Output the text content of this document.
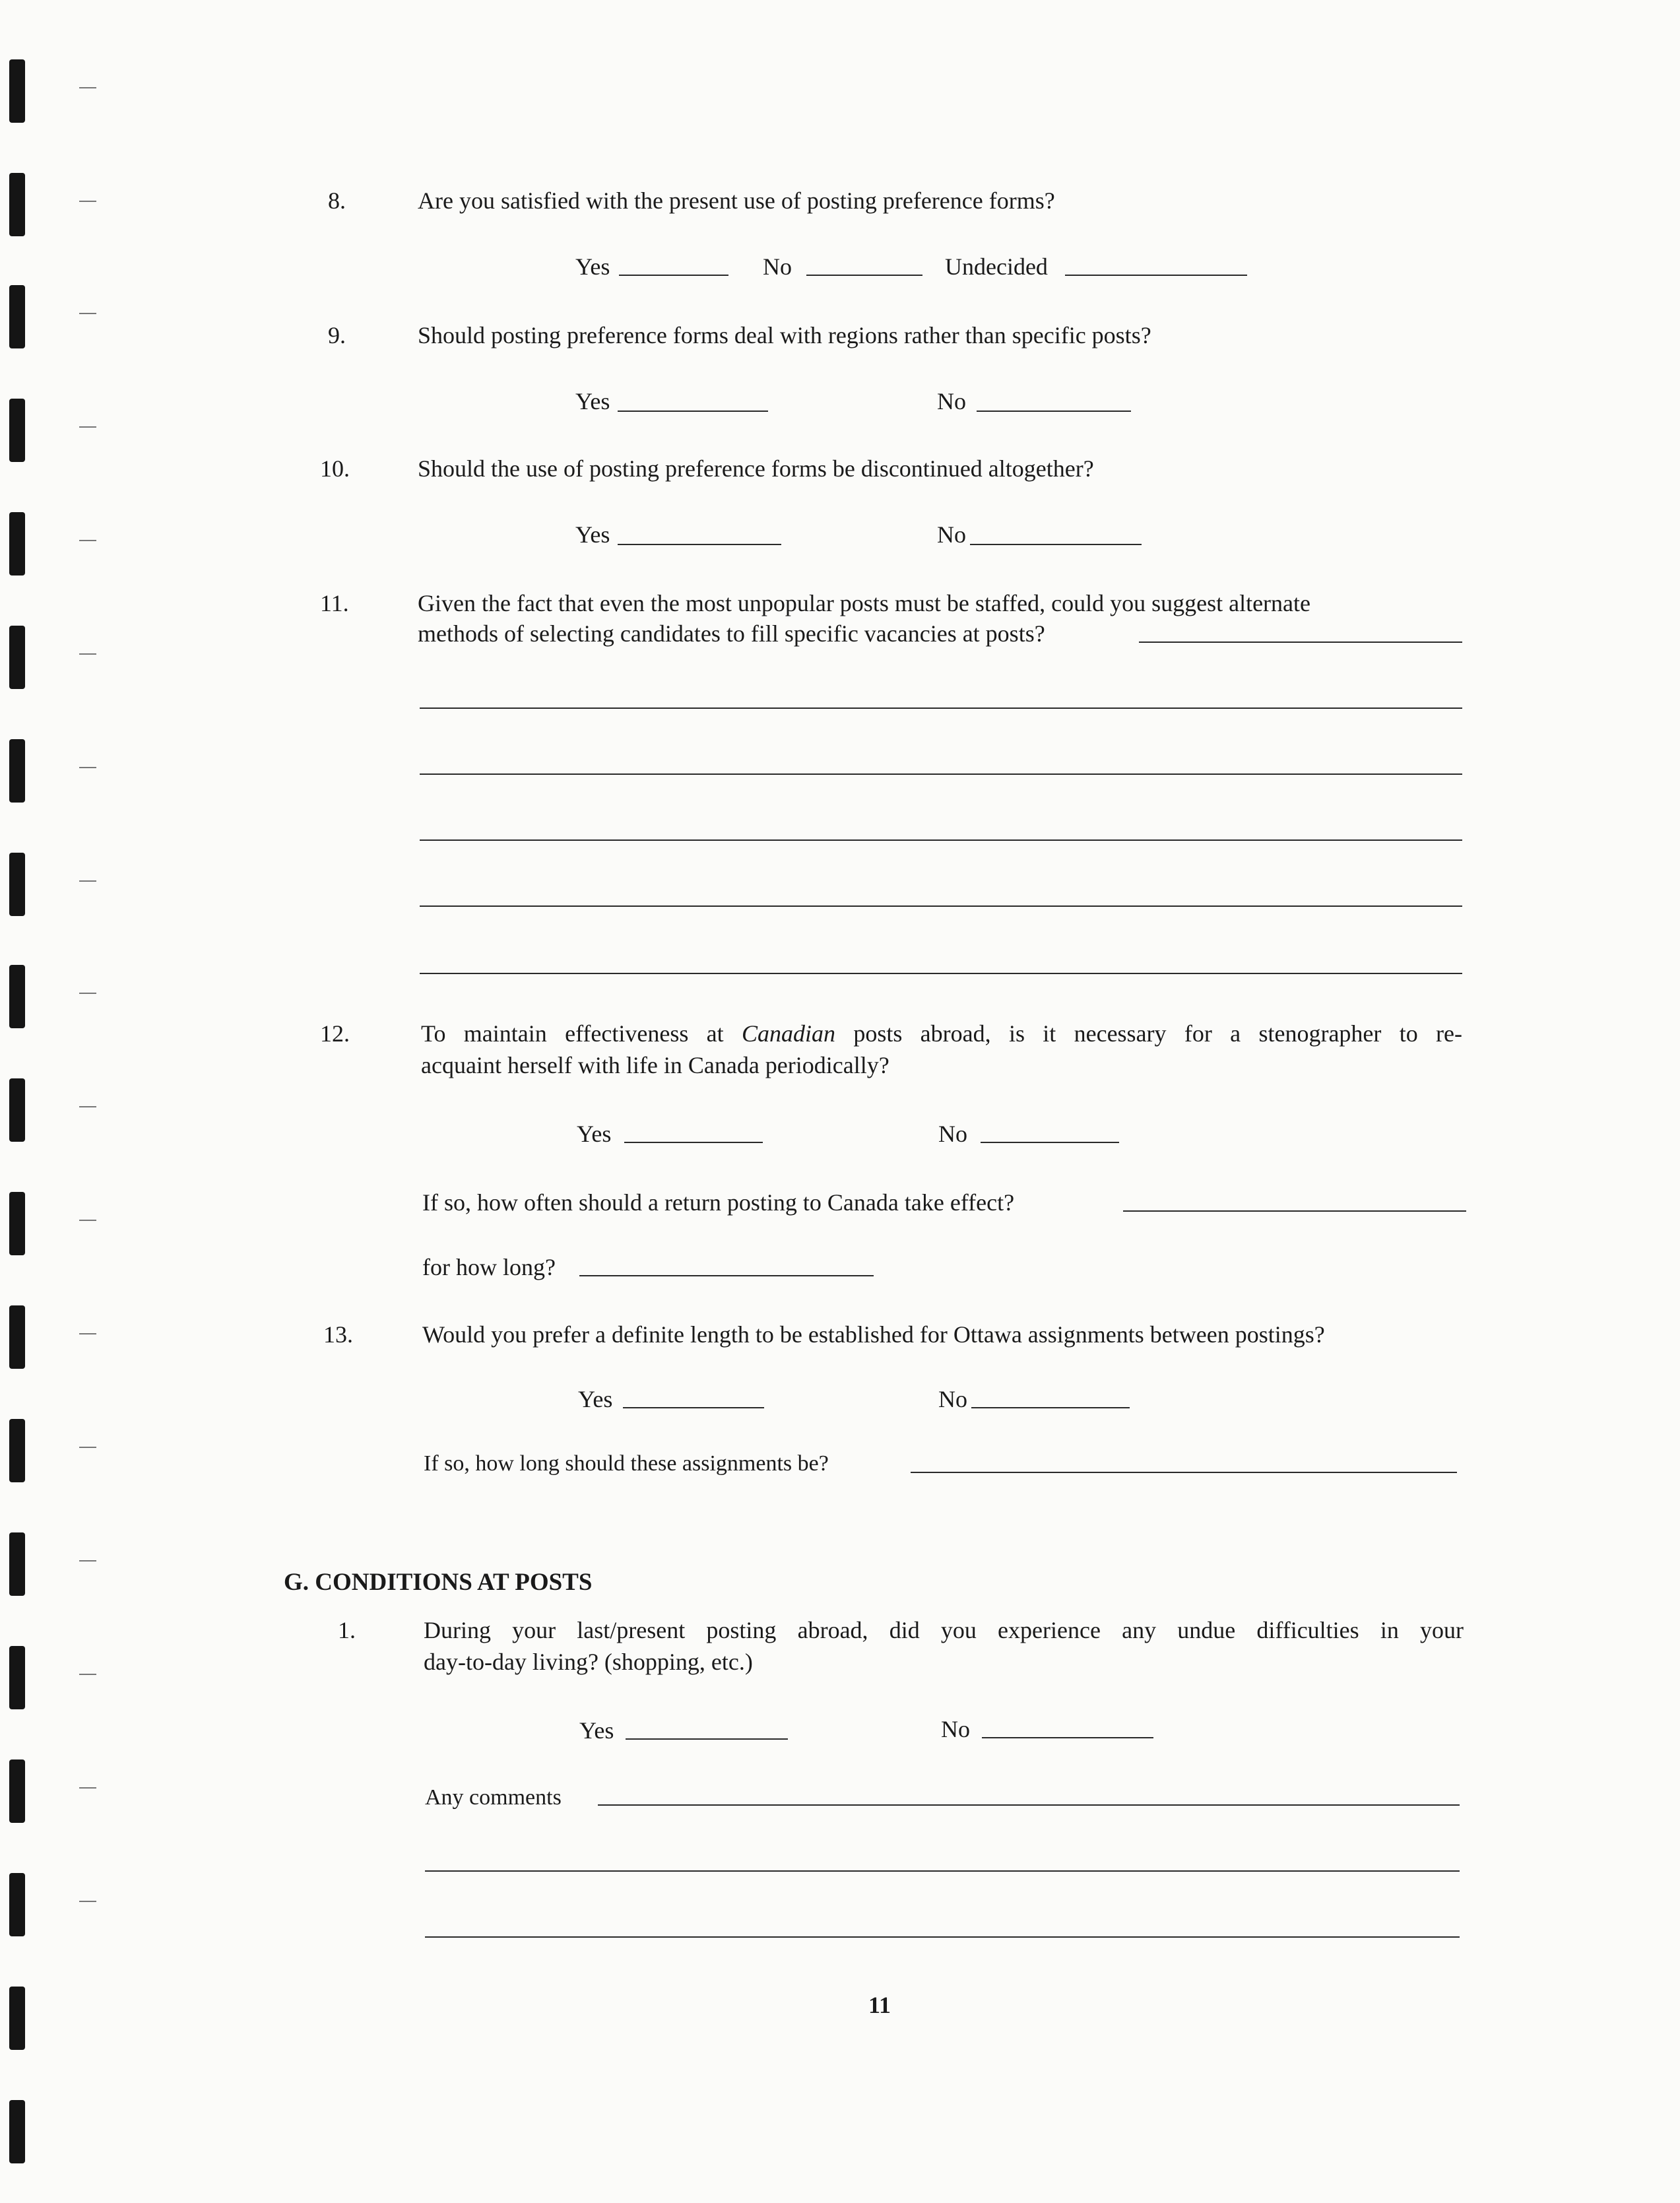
8.	Are you satisfied with the present use of posting preference forms?
Yes	No	Undecided
9.	Should posting preference forms deal with regions rather than specific posts?
Yes	No
10.	Should the use of posting preference forms be discontinued altogether?
Yes	No
11.	Given the fact that even the most unpopular posts must be staffed, could you suggest alternate
methods of selecting candidates to fill specific vacancies at posts?
12.	To maintain effectiveness at Canadian posts abroad, is it necessary for a stenographer to re-
acquaint herself with life in Canada periodically?
Yes	No
If so, how often should a return posting to Canada take effect?
for how long?
13.	Would you prefer a definite length to be established for Ottawa assignments between postings?
Yes	No
If so, how long should these assignments be?
G. CONDITIONS AT POSTS
1.	During your last/present posting abroad, did you experience any undue difficulties in your
day-to-day living? (shopping, etc.)
Yes	No
Any comments
11
